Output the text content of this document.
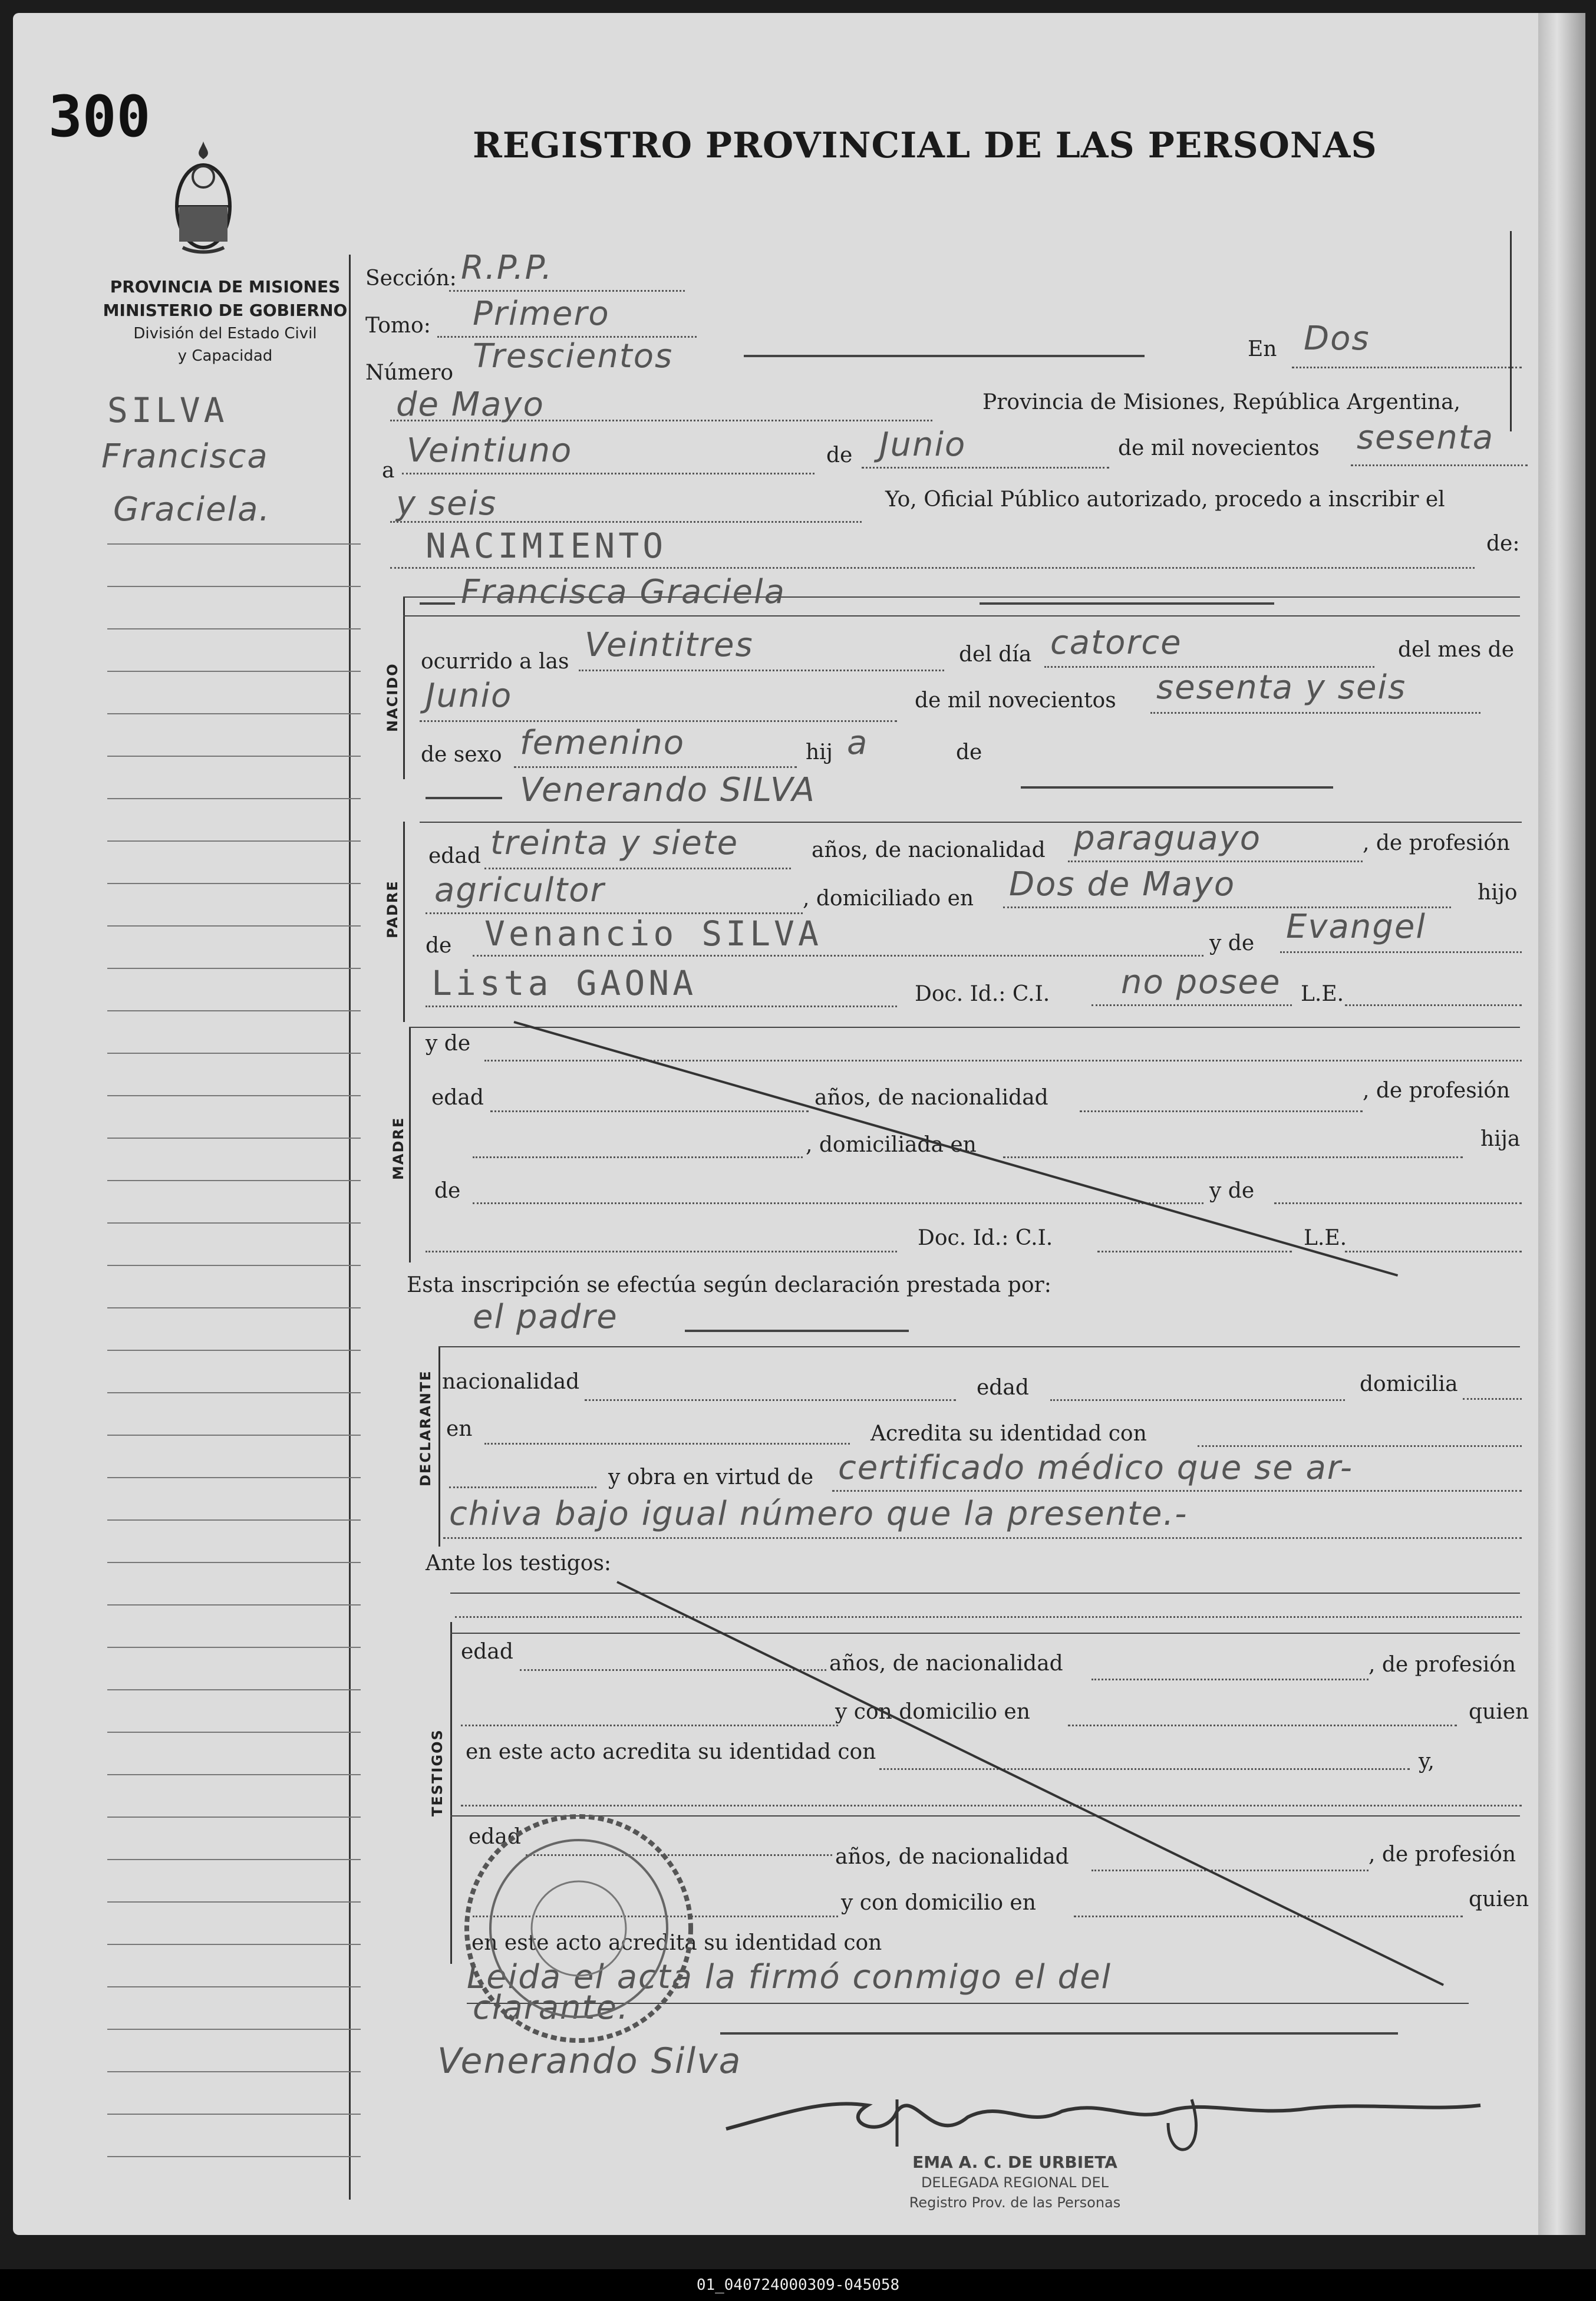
300	REGISTRO PROVINCIAL DE LAS PERSONAS
PROVINCIA DE MISIONES
MINISTERIO DE GOBIERNO
División del Estado Civil
y Capacidad
SILVA
Francisca
Graciela.
Sección: R.P.P.
Tomo: Primero
Número Trescientos	En Dos
de Mayo	Provincia de Misiones, República Argentina,
a
Veintiuno	de Junio	de mil novecientos sesenta
y seis	Yo, Oficial Público autorizado, procedo a inscribir el
NACIMIENTO	de:
NACIDO
Francisca Graciela
ocurrido a las Veintitres	del día catorce	del mes de
Junio	de mil novecientos sesenta y seis
de sexo femenino	hij a	de
Venerando SILVA
PADRE
edad treinta y siete	años, de nacionalidad paraguayo	, de profesión
agricultor	, domiciliado en Dos de Mayo	hijo
de Venancio SILVA	y de Evangel
Lista GAONA	Doc. Id.: C.I. no posee L.E.
MADRE
y de
edad	años, de nacionalidad	, de profesión
, domiciliada en	hija
de	y de
Doc. Id.: C.I.	L.E.
Esta inscripción se efectúa según declaración prestada por:
el padre
DECLARANTE nacionalidad	edad	domicilia
en	Acredita su identidad con
y obra en virtud de certificado médico que se ar-
chiva bajo igual número que la presente.-
Ante los testigos:
TESTIGOS
edad	años, de nacionalidad	, de profesión
y con domicilio en	quien
en este acto acredita su identidad con	y,
edad
años, de nacionalidad	, de profesión
y con domicilio en	quien
en este acto acredita su identidad con
Leida el acta la firmó conmigo el del
clarante.
Venerando Silva
EMA A. C. DE URBIETA
DELEGADA REGIONAL DEL
Registro Prov. de las Personas
01_040724000309-045058
